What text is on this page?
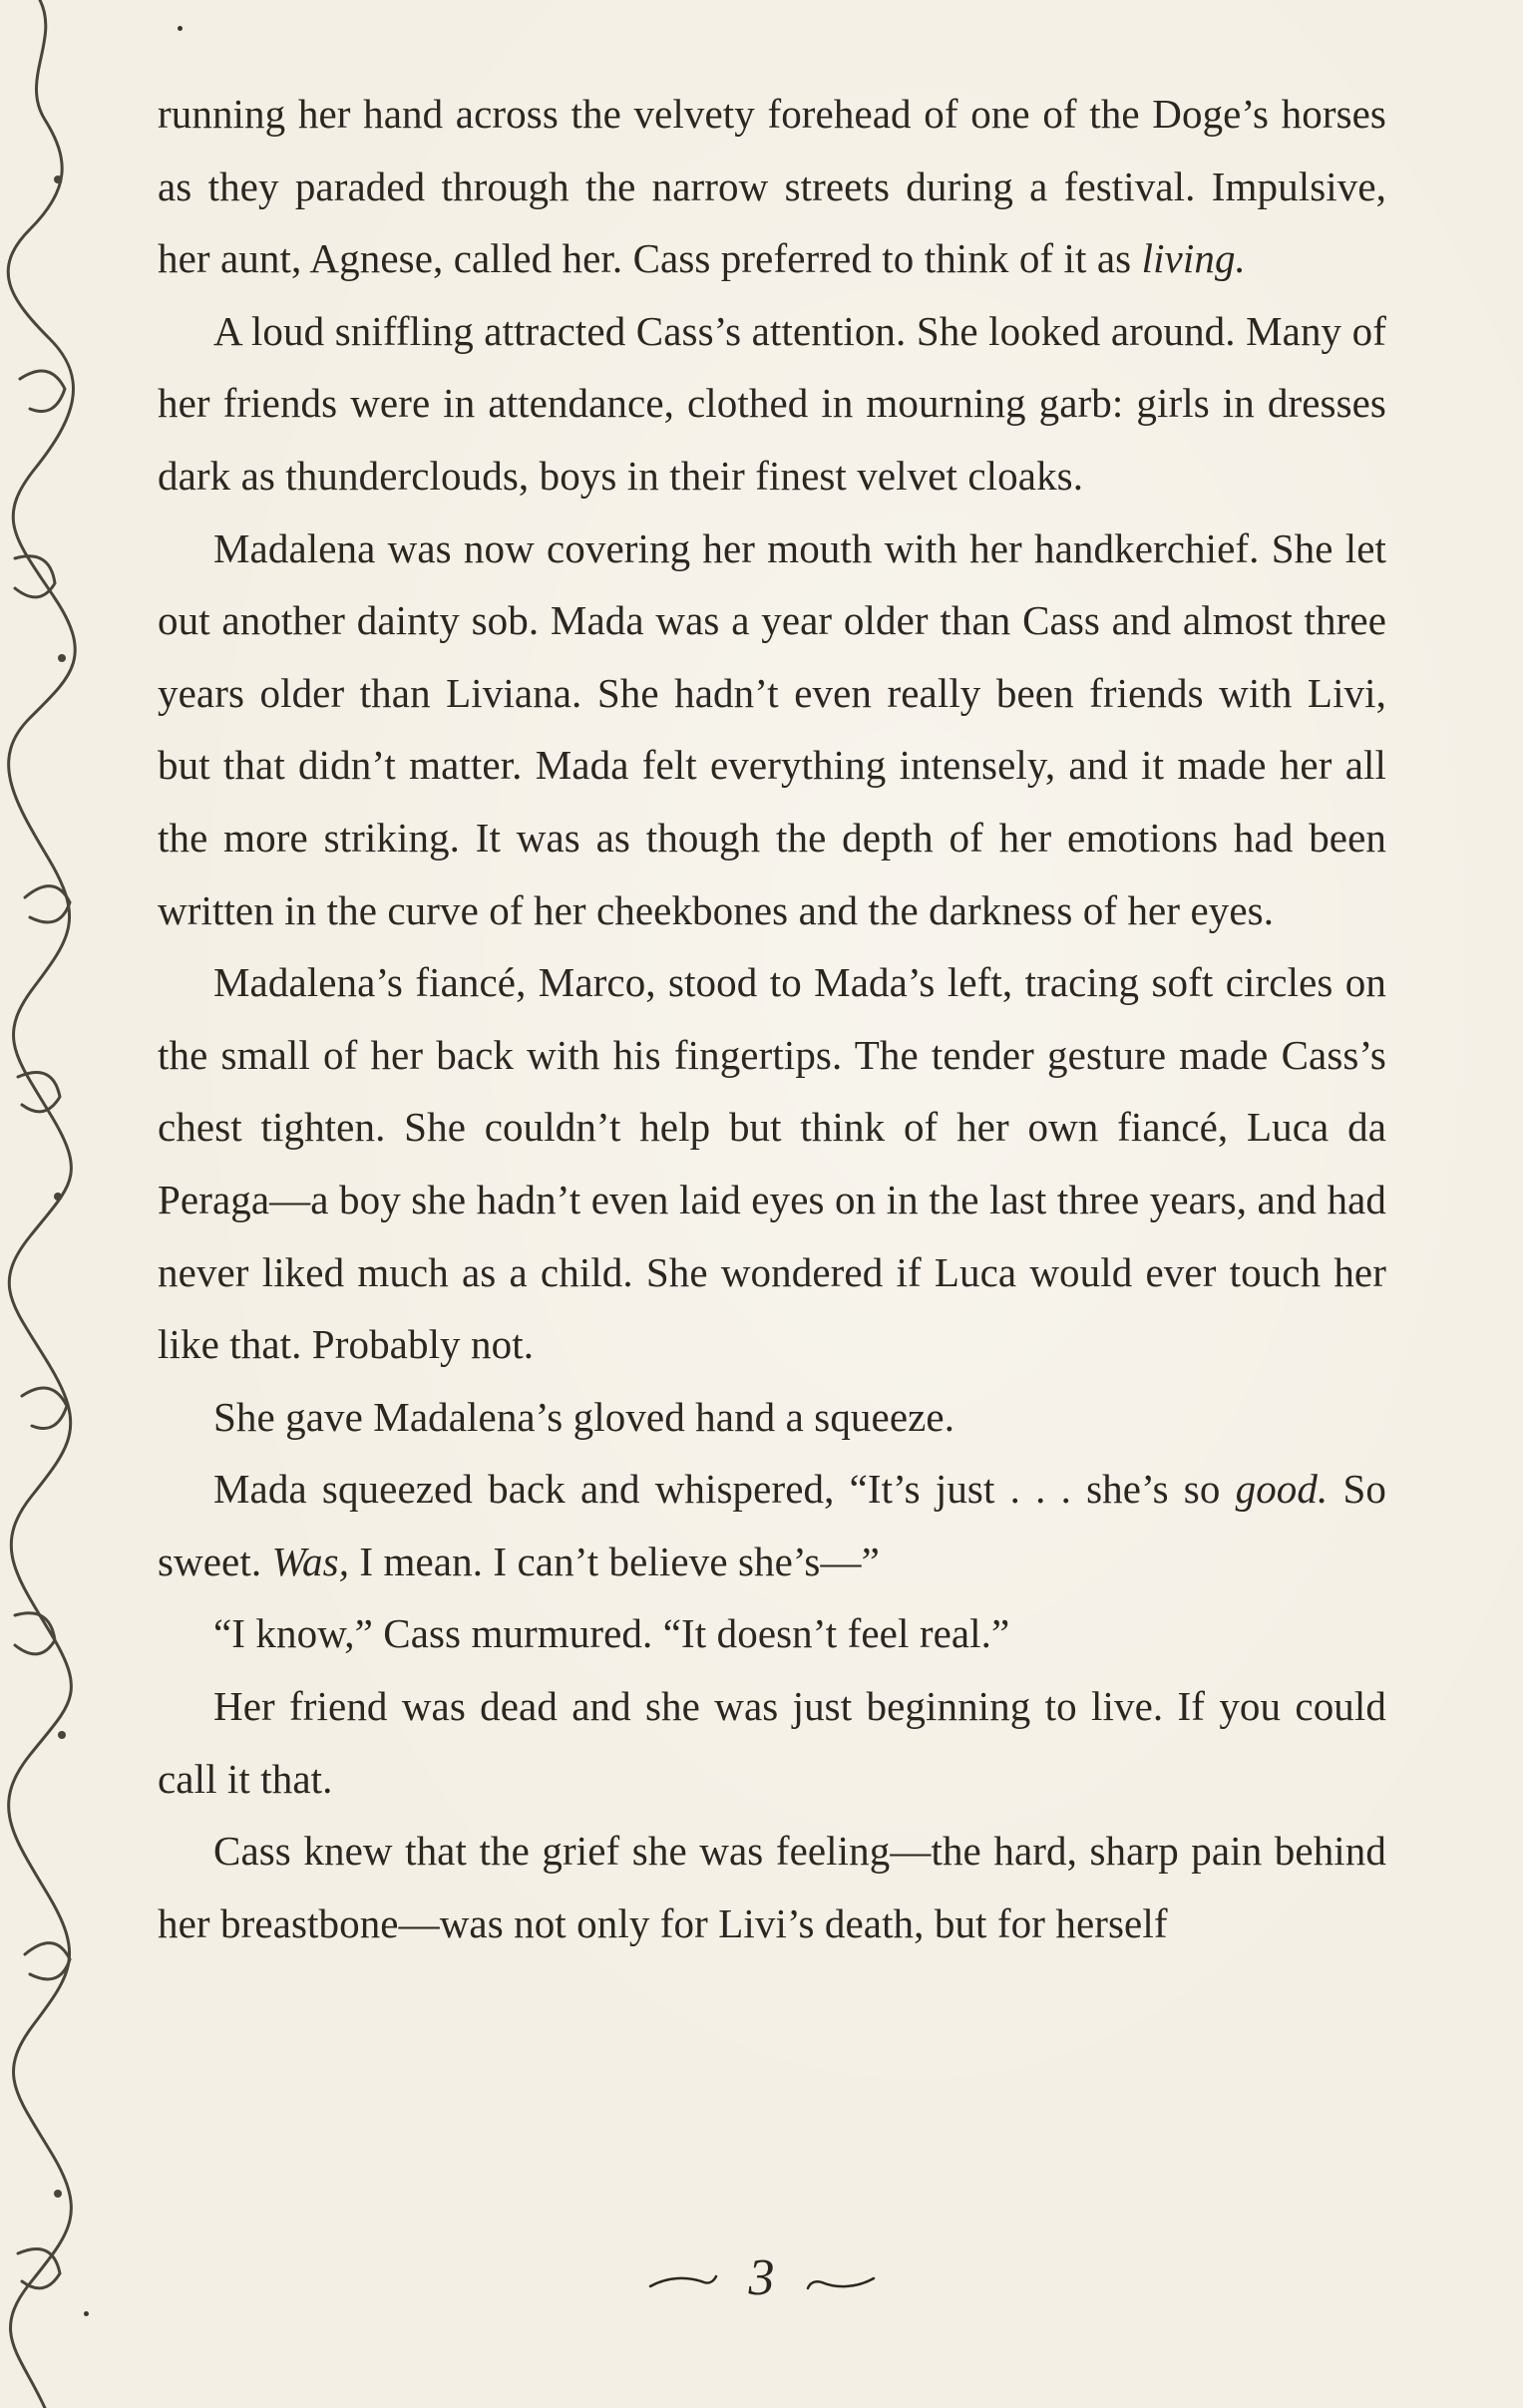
running her hand across the velvety forehead of one of the Doge’s horses as they paraded through the narrow streets during a festival. Impulsive, her aunt, Agnese, called her. Cass preferred to think of it as living.

A loud sniffling attracted Cass’s attention. She looked around. Many of her friends were in attendance, clothed in mourning garb: girls in dresses dark as thunderclouds, boys in their finest velvet cloaks.

Madalena was now covering her mouth with her handkerchief. She let out another dainty sob. Mada was a year older than Cass and almost three years older than Liviana. She hadn’t even really been friends with Livi, but that didn’t matter. Mada felt everything intensely, and it made her all the more striking. It was as though the depth of her emotions had been written in the curve of her cheekbones and the darkness of her eyes.

Madalena’s fiancé, Marco, stood to Mada’s left, tracing soft circles on the small of her back with his fingertips. The tender gesture made Cass’s chest tighten. She couldn’t help but think of her own fiancé, Luca da Peraga—a boy she hadn’t even laid eyes on in the last three years, and had never liked much as a child. She wondered if Luca would ever touch her like that. Probably not.

She gave Madalena’s gloved hand a squeeze.

Mada squeezed back and whispered, “It’s just . . . she’s so good. So sweet. Was, I mean. I can’t believe she’s—”

“I know,” Cass murmured. “It doesn’t feel real.”

Her friend was dead and she was just beginning to live. If you could call it that.

Cass knew that the grief she was feeling—the hard, sharp pain behind her breastbone—was not only for Livi’s death, but for herself

3
